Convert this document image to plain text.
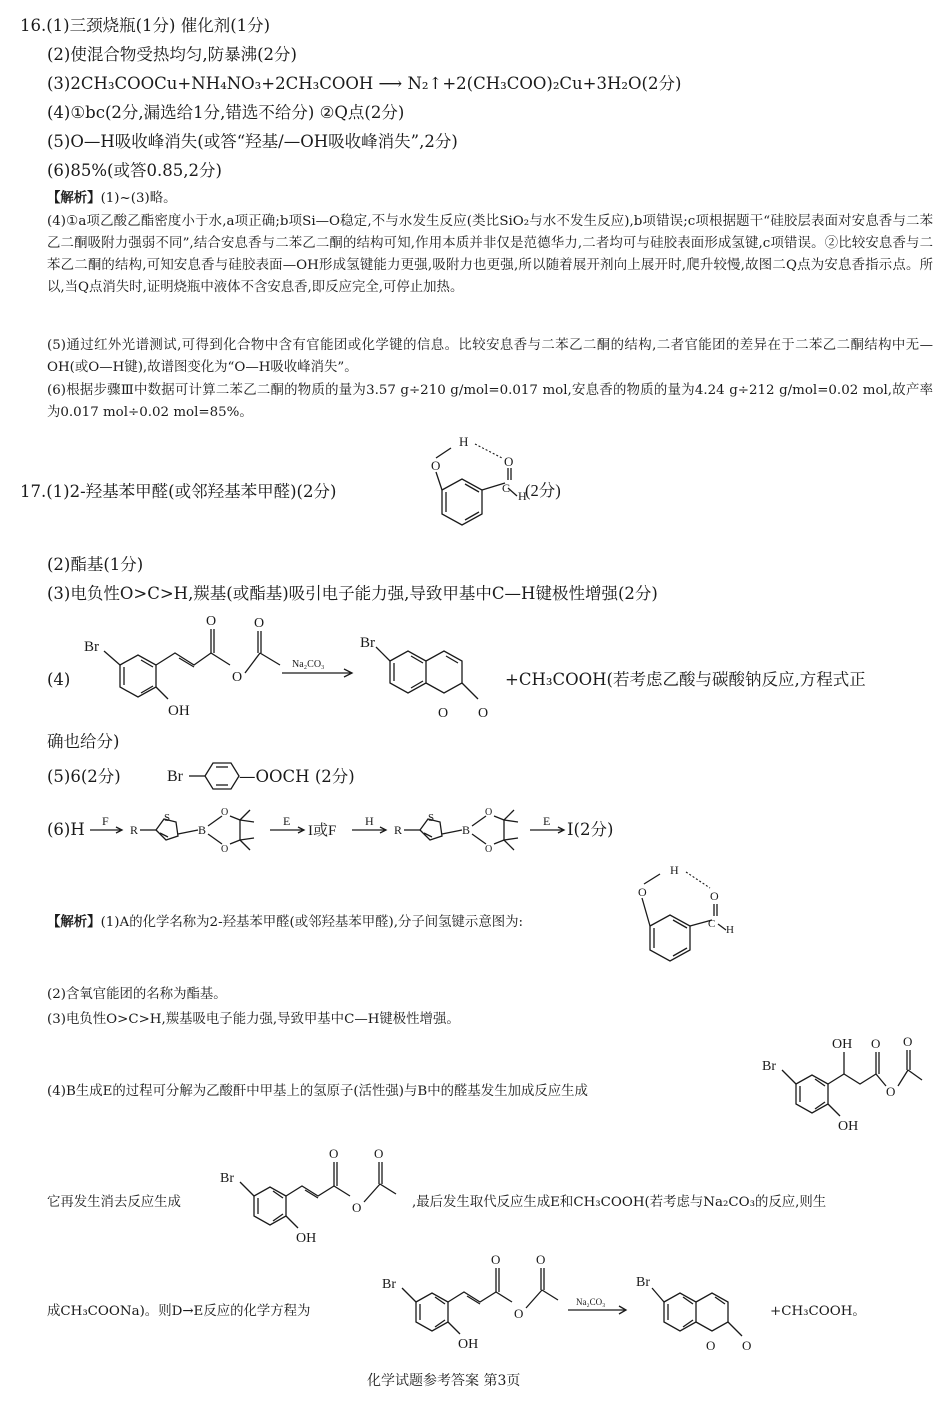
16.(1)三颈烧瓶(1分) 催化剂(1分)
(2)使混合物受热均匀,防暴沸(2分)
(3)2CH₃COOCu+NH₄NO₃+2CH₃COOH ⟶ N₂↑+2(CH₃COO)₂Cu+3H₂O(2分)
(4)①bc(2分,漏选给1分,错选不给分) ②Q点(2分)
(5)O—H吸收峰消失(或答“羟基/—OH吸收峰消失”,2分)
(6)85%(或答0.85,2分)
【解析】(1)~(3)略。
(4)①a项乙酸乙酯密度小于水,a项正确;b项Si—O稳定,不与水发生反应(类比SiO₂与水不发生反应),b项错误;c项根据题干“硅胶层表面对安息香与二苯乙二酮吸附力强弱不同”,结合安息香与二苯乙二酮的结构可知,作用本质并非仅是范德华力,二者均可与硅胶表面形成氢键,c项错误。②比较安息香与二苯乙二酮的结构,可知安息香与硅胶表面—OH形成氢键能力更强,吸附力也更强,所以随着展开剂向上展开时,爬升较慢,故图二Q点为安息香指示点。所以,当Q点消失时,证明烧瓶中液体不含安息香,即反应完全,可停止加热。
(5)通过红外光谱测试,可得到化合物中含有官能团或化学键的信息。比较安息香与二苯乙二酮的结构,二者官能团的差异在于二苯乙二酮结构中无—OH(或O—H键),故谱图变化为“O—H吸收峰消失”。
(6)根据步骤Ⅲ中数据可计算二苯乙二酮的物质的量为3.57 g÷210 g/mol=0.017 mol,安息香的物质的量为4.24 g÷212 g/mol=0.02 mol,故产率为0.017 mol÷0.02 mol=85%。
17.(1)2-羟基苯甲醛(或邻羟基苯甲醛)(2分)
O
H
O
C
H
(2分)
(2)酯基(1分)
(3)电负性O>C>H,羰基(或酯基)吸引电子能力强,导致甲基中C—H键极性增强(2分)
(4)
Br
OH
O
O
O
Na₂CO₃
Br
O O
+CH₃COOH(若考虑乙酸与碳酸钠反应,方程式正
确也给分)
(5)6(2分)	Br	—OOCH (2分)
(6)H F
R
S
B
O
O
E
I或F
H
R
S
B
O
O
E I(2分)
【解析】(1)A的化学名称为2-羟基苯甲醛(或邻羟基苯甲醛),分子间氢键示意图为:
O
H
O
C H
(2)含氧官能团的名称为酯基。
(3)电负性O>C>H,羰基吸电子能力强,导致甲基中C—H键极性增强。
(4)B生成E的过程可分解为乙酸酐中甲基上的氢原子(活性强)与B中的醛基发生加成反应生成
Br
OH
OH O
O
O
它再发生消去反应生成
Br
OH
O
O
O
,最后发生取代反应生成E和CH₃COOH(若考虑与Na₂CO₃的反应,则生
成CH₃COONa)。则D→E反应的化学方程为
Br
OH
O
O
O
Na₂CO₃
Br
O O
+CH₃COOH。
化学试题参考答案 第3页
